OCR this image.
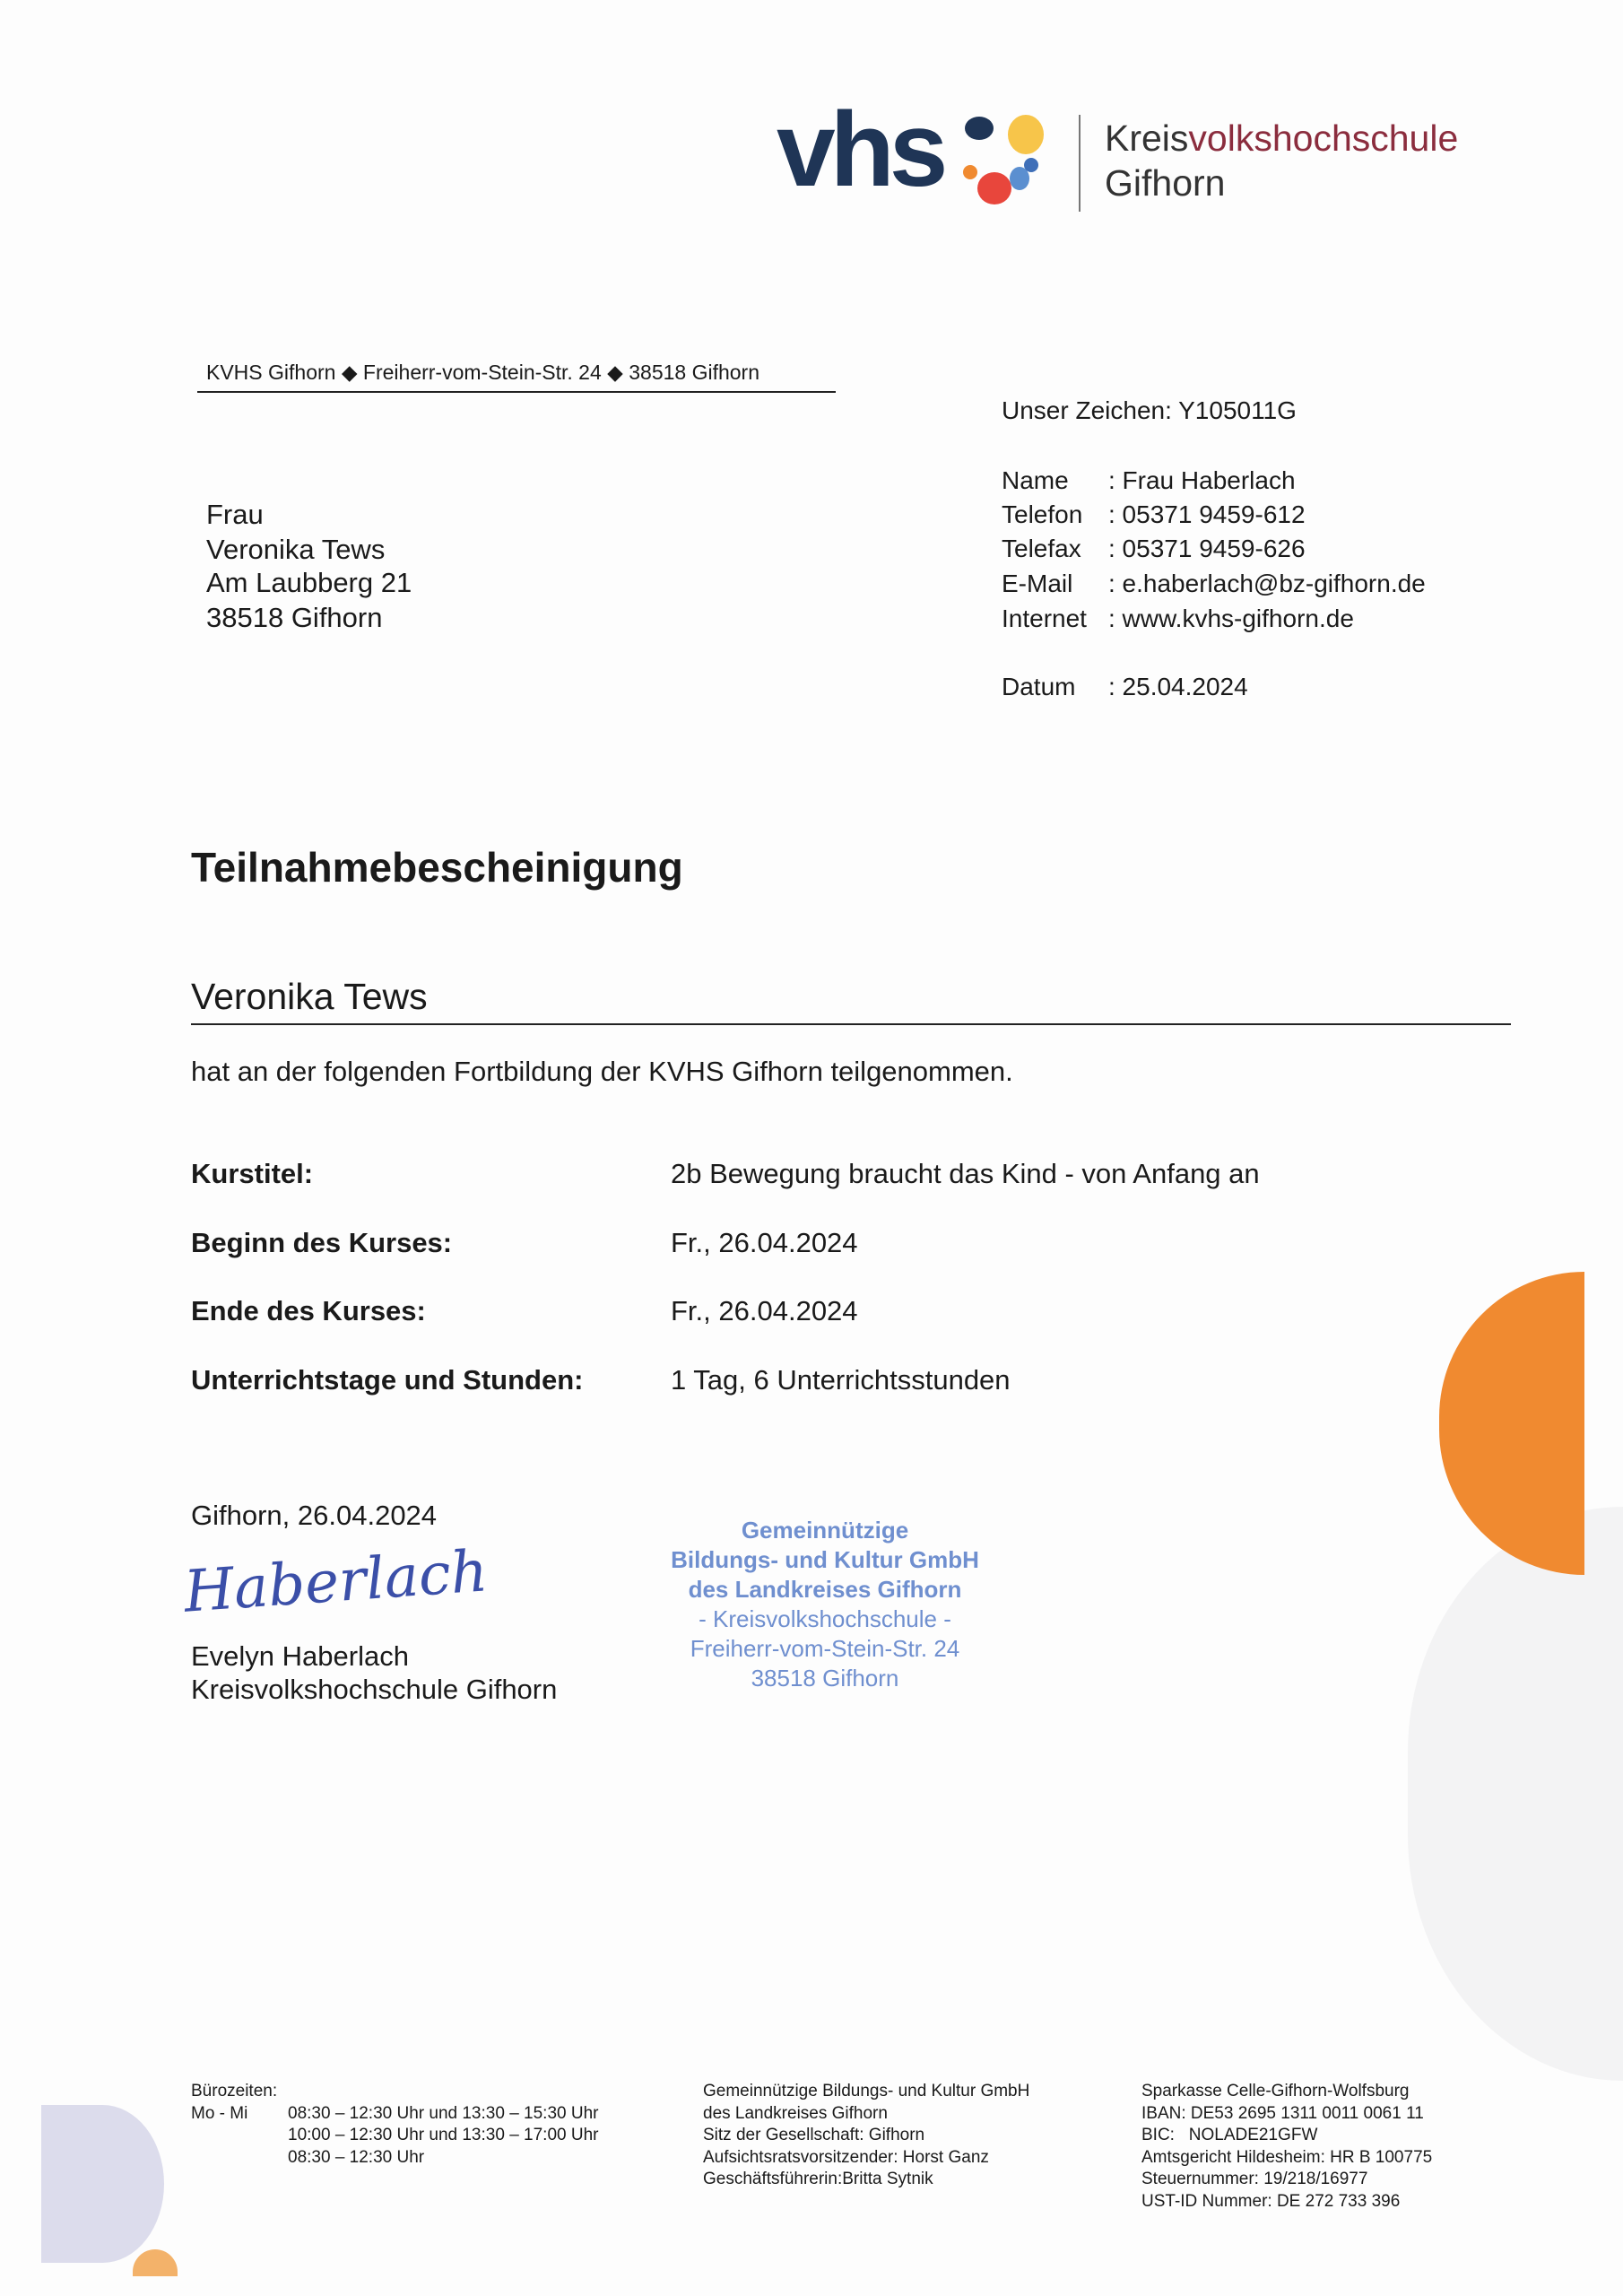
vhs	Kreisvolkshochschule
Gifhorn
KVHS Gifhorn ◆ Freiherr-vom-Stein-Str. 24 ◆ 38518 Gifhorn
Unser Zeichen: Y105011G
Name : Frau Haberlach
Telefon : 05371 9459-612
Telefax : 05371 9459-626
E-Mail : e.haberlach@bz-gifhorn.de
Internet : www.kvhs-gifhorn.de
Datum : 25.04.2024
Frau
Veronika Tews
Am Laubberg 21
38518 Gifhorn
Teilnahmebescheinigung
Veronika Tews
hat an der folgenden Fortbildung der KVHS Gifhorn teilgenommen.
Kurstitel:	2b Bewegung braucht das Kind - von Anfang an
Beginn des Kurses:	Fr., 26.04.2024
Ende des Kurses:	Fr., 26.04.2024
Unterrichtstage und Stunden:	1 Tag, 6 Unterrichtsstunden
Gemeinnützige
Bildungs- und Kultur GmbH
des Landkreises Gifhorn
- Kreisvolkshochschule -
Freiherr-vom-Stein-Str. 24
38518 Gifhorn
Gifhorn, 26.04.2024
Haberlach
Evelyn Haberlach
Kreisvolkshochschule Gifhorn
Bürozeiten:
Mo - Mi 08:30 – 12:30 Uhr und 13:30 – 15:30 Uhr
10:00 – 12:30 Uhr und 13:30 – 17:00 Uhr
08:30 – 12:30 Uhr
Gemeinnützige Bildungs- und Kultur GmbH
des Landkreises Gifhorn
Sitz der Gesellschaft: Gifhorn
Aufsichtsratsvorsitzender: Horst Ganz
Geschäftsführerin:Britta Sytnik
Sparkasse Celle-Gifhorn-Wolfsburg
IBAN: DE53 2695 1311 0011 0061 11
BIC:   NOLADE21GFW
Amtsgericht Hildesheim: HR B 100775
Steuernummer: 19/218/16977
UST-ID Nummer: DE 272 733 396
